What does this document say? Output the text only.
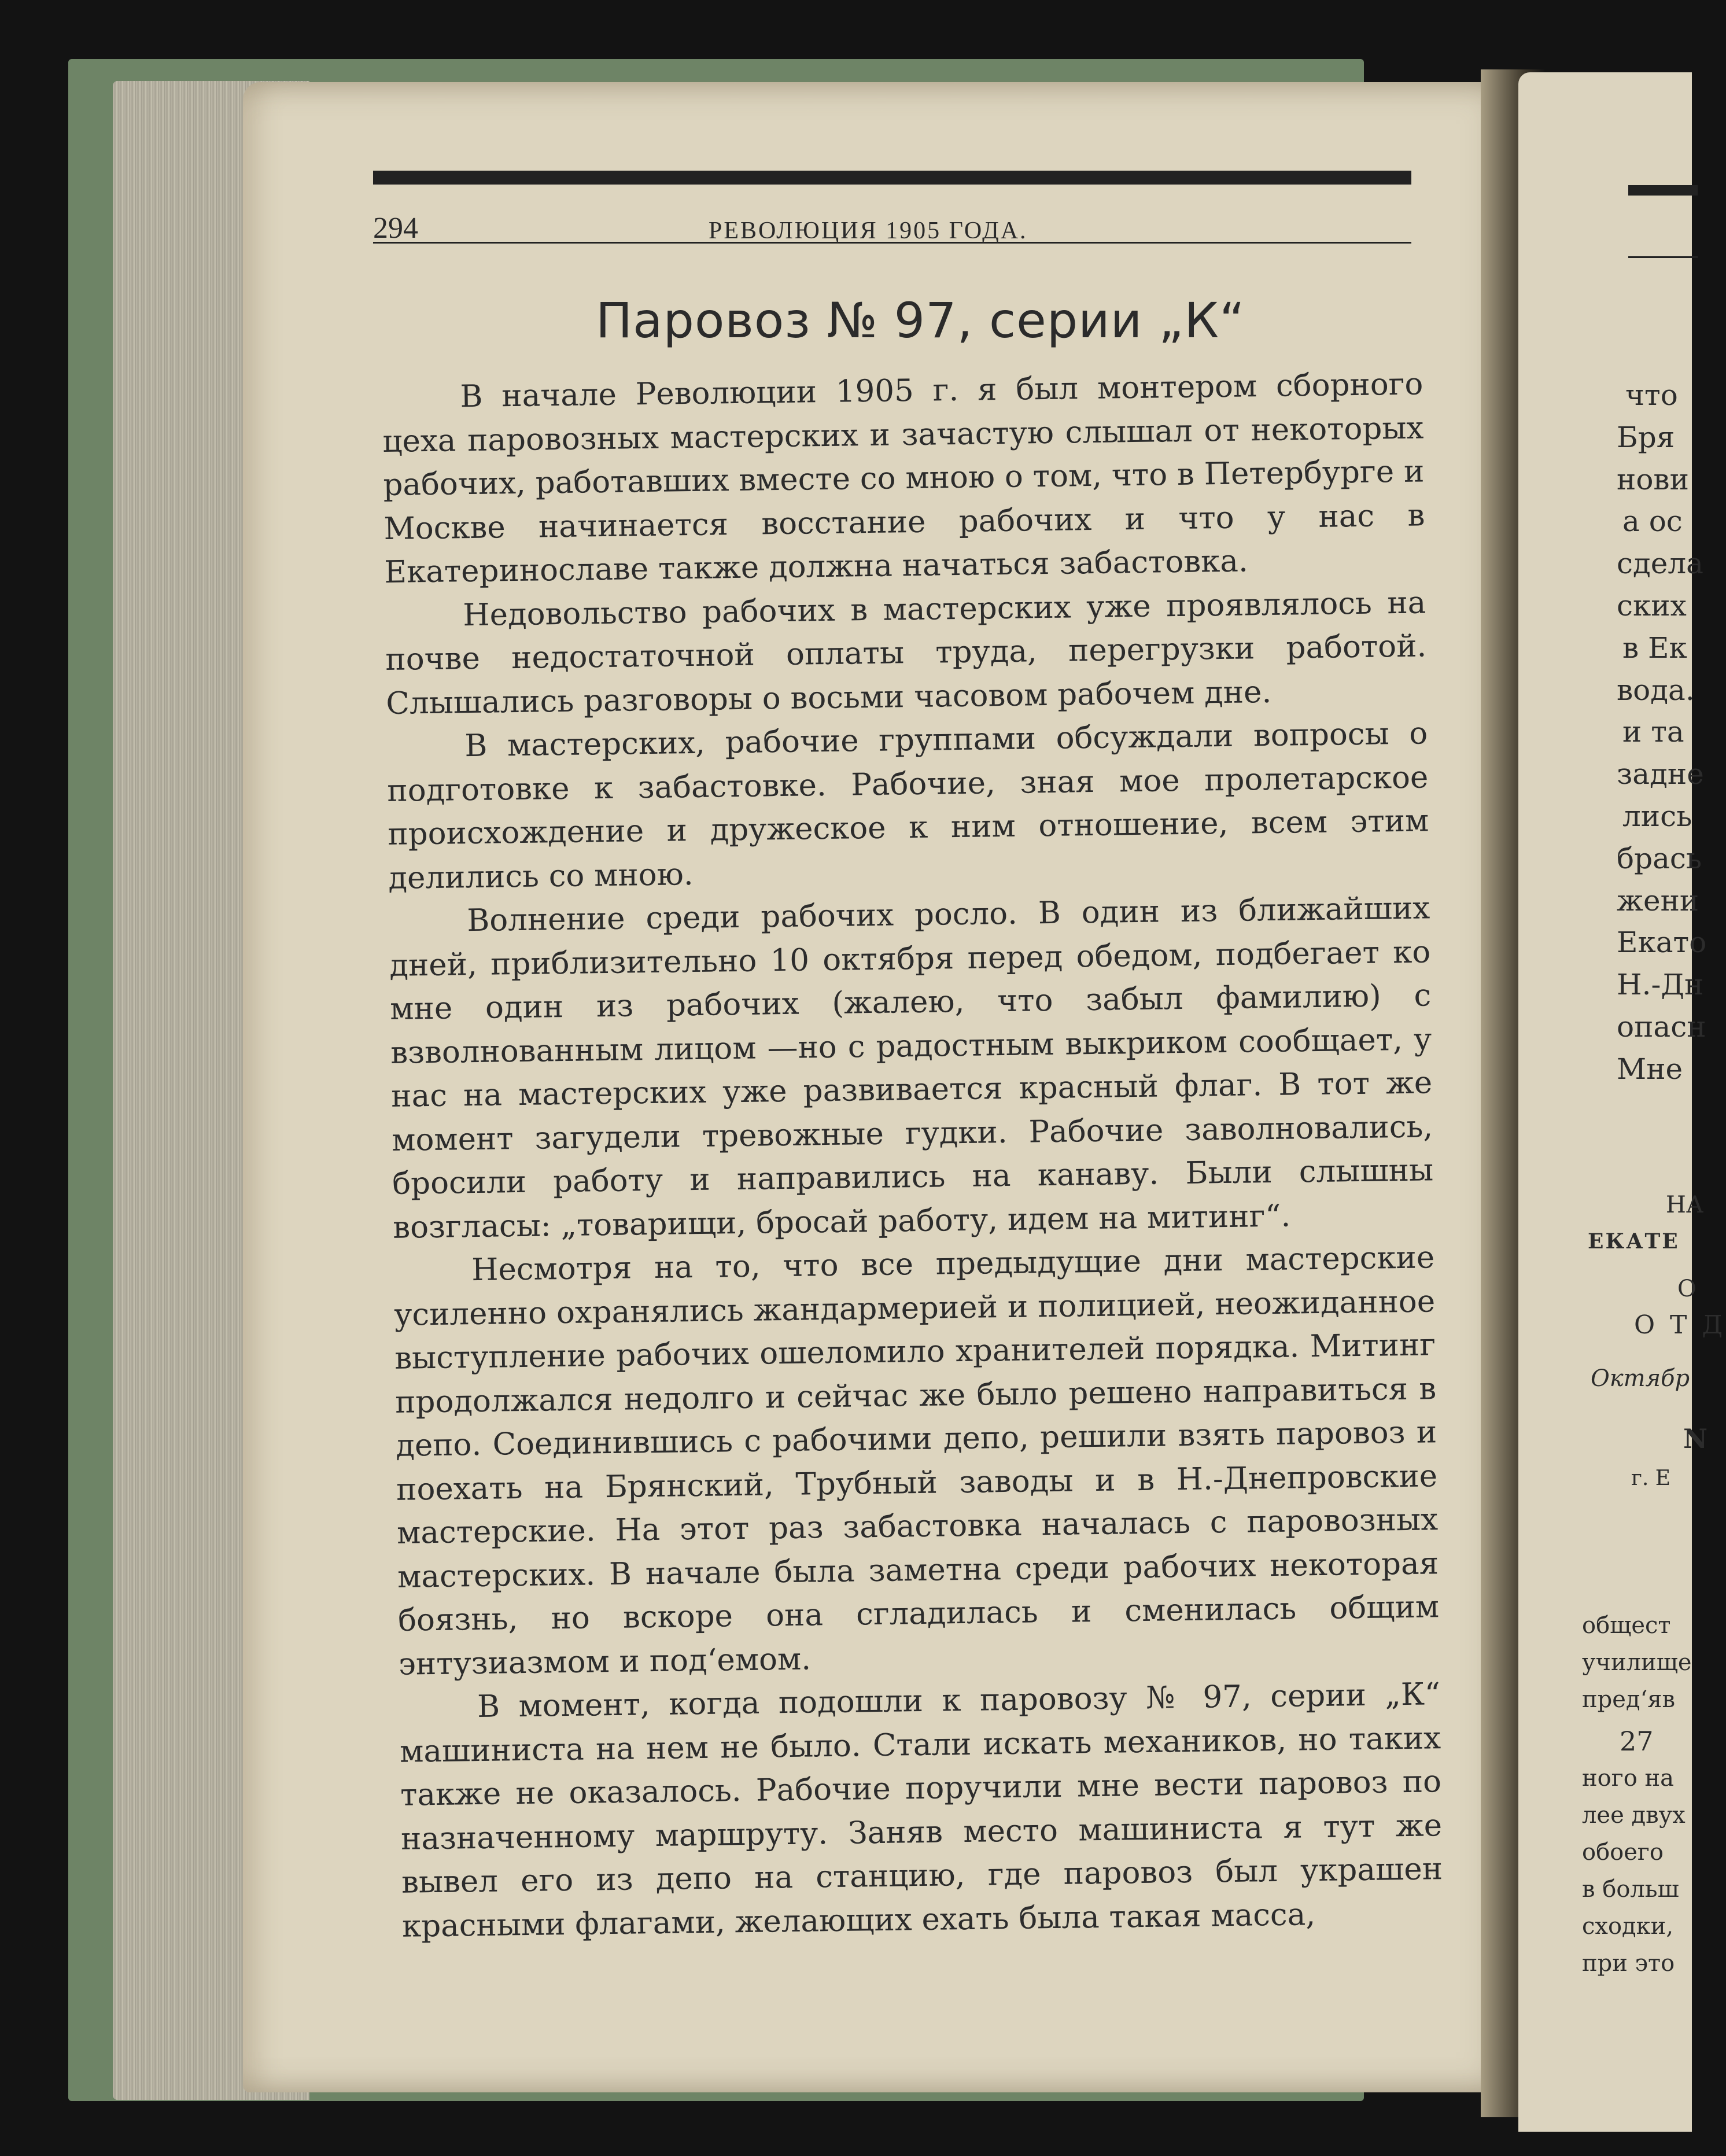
294	РЕВОЛЮЦИЯ 1905 ГОДА.
Паровоз № 97, серии „К“

В начале Революции 1905 г. я был монтером сборного цеха паровозных мастерских и зачастую слышал от некоторых рабочих, работавших вместе со мною о том, что в Петербурге и Москве начинается восстание рабочих и что у нас в Екатеринославе также должна начаться забастовка.

Недовольство рабочих в мастерских уже проявлялось на почве недостаточной оплаты труда, перегрузки работой. Слышались разговоры о восьми часовом рабочем дне.

В мастерских, рабочие группами обсуждали вопросы о подготовке к забастовке. Рабочие, зная мое пролетарское происхождение и дружеское к ним отношение, всем этим делились со мною.

Волнение среди рабочих росло. В один из ближайших дней, приблизительно 10 октября перед обедом, подбегает ко мне один из рабочих (жалею, что забыл фамилию) с взволнованным лицом —но с радостным выкриком сообщает, у нас на мастерских уже развивается красный флаг. В тот же момент загудели тревожные гудки. Рабочие заволновались, бросили работу и направились на канаву. Были слышны возгласы: „товарищи, бросай работу, идем на митинг“.

Несмотря на то, что все предыдущие дни мастерские усиленно охранялись жандармерией и полицией, неожиданное выступление рабочих ошеломило хранителей порядка. Митинг продолжался недолго и сейчас же было решено направиться в депо. Соединившись с рабочими депо, решили взять паровоз и поехать на Брянский, Трубный заводы и в Н.-Днепровские мастерские. На этот раз забастовка началась с паровозных мастерских. В начале была заметна среди рабочих некоторая боязнь, но вскоре она сгладилась и сменилась общим энтузиазмом и под‘емом.

В момент, когда подошли к паровозу № 97, серии „К“ машиниста на нем не было. Стали искать механиков, но таких также не оказалось. Рабочие поручили мне вести паровоз по назначенному маршруту. Заняв место машиниста я тут же вывел его из депо на станцию, где паровоз был украшен красными флагами, желающих ехать была такая масса,

что
Бря
нови
а ос
сдела
ских
в Ек
вода.
и та
задне
лись
брась
жени
Екато
Н.-Дн
опасн
Мне
НА
ЕКАТЕ
О
О Т Д
Октябр
N
г. Е
общест
училище
пред‘яв
27
ного на
лее двух
обоего
в больш
сходки,
при это
